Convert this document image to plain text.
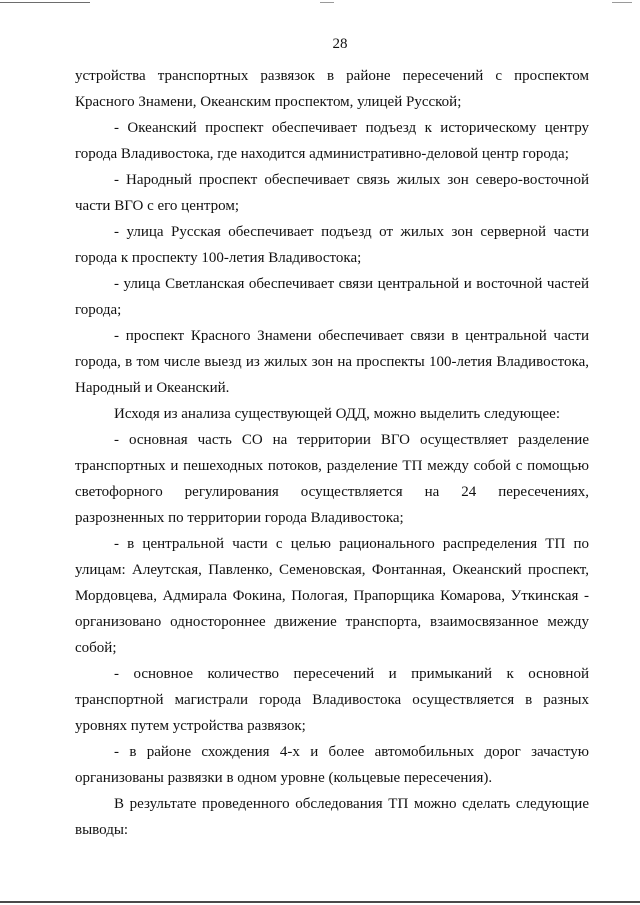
28

устройства транспортных развязок в районе пересечений с проспектом Красного Знамени, Океанским проспектом, улицей Русской;

- Океанский проспект обеспечивает подъезд к историческому центру города Владивостока, где находится административно-деловой центр города;

- Народный проспект обеспечивает связь жилых зон северо-восточной части ВГО с его центром;

- улица Русская обеспечивает подъезд от жилых зон серверной части города к проспекту 100-летия Владивостока;

- улица Светланская обеспечивает связи центральной и восточной частей города;

- проспект Красного Знамени обеспечивает связи в центральной части города, в том числе выезд из жилых зон на проспекты 100-летия Владивостока, Народный и Океанский.

Исходя из анализа существующей ОДД, можно выделить следующее:

- основная часть СО на территории ВГО осуществляет разделение транспортных и пешеходных потоков, разделение ТП между собой с помощью светофорного регулирования осуществляется на 24 пересечениях, разрозненных по территории города Владивостока;

- в центральной части с целью рационального распределения ТП по улицам: Алеутская, Павленко, Семеновская, Фонтанная, Океанский проспект, Мордовцева, Адмирала Фокина, Пологая, Прапорщика Комарова, Уткинская - организовано одностороннее движение транспорта, взаимосвязанное между собой;

- основное количество пересечений и примыканий к основной транспортной магистрали города Владивостока осуществляется в разных уровнях путем устройства развязок;

- в районе схождения 4-х и более автомобильных дорог зачастую организованы развязки в одном уровне (кольцевые пересечения).

В результате проведенного обследования ТП можно сделать следующие выводы:
